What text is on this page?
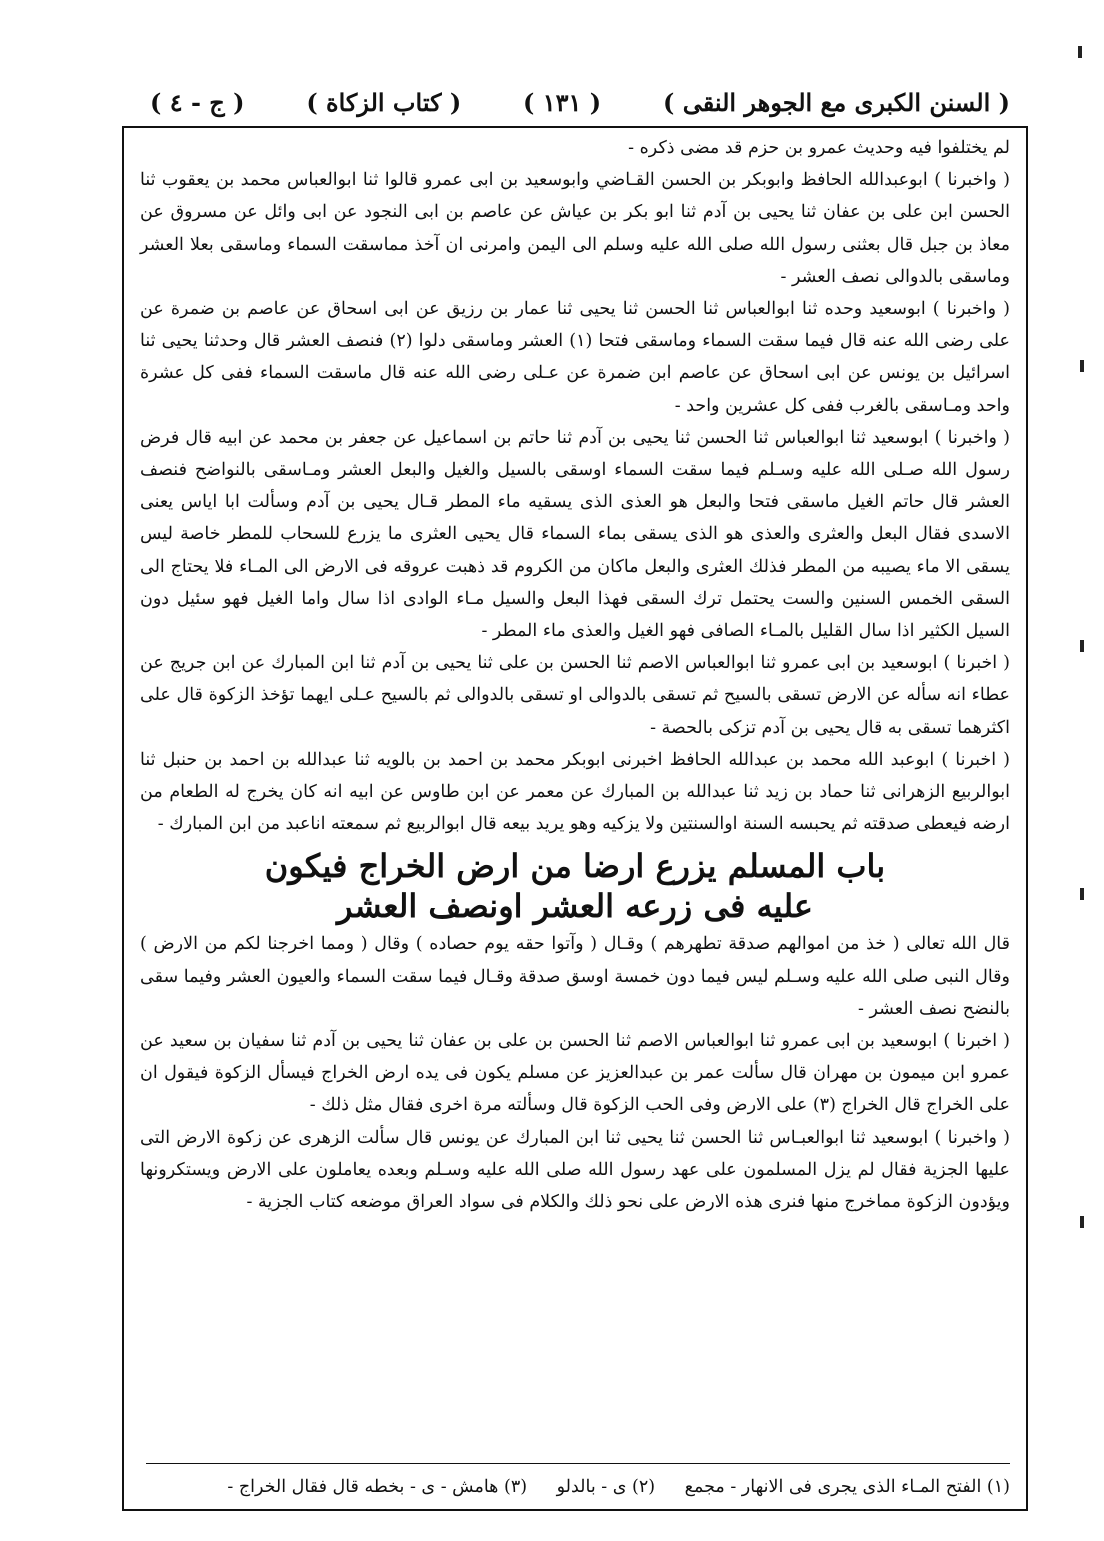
( السنن الكبرى مع الجوهر النقى )
( ١٣١ )
( كتاب الزكاة )
( ج - ٤ )

لم يختلفوا فيه وحديث عمرو بن حزم قد مضى ذكره -

( واخبرنا ) ابوعبدالله الحافظ وابوبكر بن الحسن القـاضي وابوسعيد بن ابى عمرو قالوا ثنا ابوالعباس محمد بن يعقوب ثنا الحسن ابن على بن عفان ثنا يحيى بن آدم ثنا ابو بكر بن عياش عن عاصم بن ابى النجود عن ابى وائل عن مسروق عن معاذ بن جبل قال بعثنى رسول الله صلى الله عليه وسلم الى اليمن وامرنى ان آخذ مماسقت السماء وماسقى بعلا العشر وماسقى بالدوالى نصف العشر -

( واخبرنا ) ابوسعيد وحده ثنا ابوالعباس ثنا الحسن ثنا يحيى ثنا عمار بن رزيق عن ابى اسحاق عن عاصم بن ضمرة عن على رضى الله عنه قال فيما سقت السماء وماسقى فتحا (١) العشر وماسقى دلوا (٢) فنصف العشر قال وحدثنا يحيى ثنا اسرائيل بن يونس عن ابى اسحاق عن عاصم ابن ضمرة عن عـلى رضى الله عنه قال ماسقت السماء ففى كل عشرة واحد ومـاسقى بالغرب ففى كل عشرين واحد -

( واخبرنا ) ابوسعيد ثنا ابوالعباس ثنا الحسن ثنا يحيى بن آدم ثنا حاتم بن اسماعيل عن جعفر بن محمد عن ابيه قال فرض رسول الله صـلى الله عليه وسـلم فيما سقت السماء اوسقى بالسيل والغيل والبعل العشر ومـاسقى بالنواضح فنصف العشر قال حاتم الغيل ماسقى فتحا والبعل هو العذى الذى يسقيه ماء المطر قـال يحيى بن آدم وسألت ابا اياس يعنى الاسدى فقال البعل والعثرى والعذى هو الذى يسقى بماء السماء قال يحيى العثرى ما يزرع للسحاب للمطر خاصة ليس يسقى الا ماء يصيبه من المطر فذلك العثرى والبعل ماكان من الكروم قد ذهبت عروقه فى الارض الى المـاء فلا يحتاج الى السقى الخمس السنين والست يحتمل ترك السقى فهذا البعل والسيل مـاء الوادى اذا سال واما الغيل فهو سئيل دون السيل الكثير اذا سال القليل بالمـاء الصافى فهو الغيل والعذى ماء المطر -

( اخبرنا ) ابوسعيد بن ابى عمرو ثنا ابوالعباس الاصم ثنا الحسن بن على ثنا يحيى بن آدم ثنا ابن المبارك عن ابن جريج عن عطاء انه سأله عن الارض تسقى بالسيح ثم تسقى بالدوالى او تسقى بالدوالى ثم بالسيح عـلى ايهما تؤخذ الزكوة قال على اكثرهما تسقى به قال يحيى بن آدم تزكى بالحصة -

( اخبرنا ) ابوعبد الله محمد بن عبدالله الحافظ اخبرنى ابوبكر محمد بن احمد بن بالويه ثنا عبدالله بن احمد بن حنبل ثنا ابوالربيع الزهرانى ثنا حماد بن زيد ثنا عبدالله بن المبارك عن معمر عن ابن طاوس عن ابيه انه كان يخرج له الطعام من ارضه فيعطى صدقته ثم يحبسه السنة اوالسنتين ولا يزكيه وهو يريد بيعه قال ابوالربيع ثم سمعته اناعبد من ابن المبارك -

باب المسلم يزرع ارضا من ارض الخراج فيكون
عليه فى زرعه العشر اونصف العشر

قال الله تعالى ( خذ من اموالهم صدقة تطهرهم ) وقـال ( وآتوا حقه يوم حصاده ) وقال ( ومما اخرجنا لكم من الارض ) وقال النبى صلى الله عليه وسـلم ليس فيما دون خمسة اوسق صدقة وقـال فيما سقت السماء والعيون العشر وفيما سقى بالنضح نصف العشر -

( اخبرنا ) ابوسعيد بن ابى عمرو ثنا ابوالعباس الاصم ثنا الحسن بن على بن عفان ثنا يحيى بن آدم ثنا سفيان بن سعيد عن عمرو ابن ميمون بن مهران قال سألت عمر بن عبدالعزيز عن مسلم يكون فى يده ارض الخراج فيسأل الزكوة فيقول ان على الخراج قال الخراج (٣) على الارض وفى الحب الزكوة قال وسألته مرة اخرى فقال مثل ذلك -

( واخبرنا ) ابوسعيد ثنا ابوالعبـاس ثنا الحسن ثنا يحيى ثنا ابن المبارك عن يونس قال سألت الزهرى عن زكوة الارض التى عليها الجزية فقال لم يزل المسلمون على عهد رسول الله صلى الله عليه وسـلم وبعده يعاملون على الارض ويستكرونها ويؤدون الزكوة مماخرج منها فنرى هذه الارض على نحو ذلك والكلام فى سواد العراق موضعه كتاب الجزية -

(١) الفتح المـاء الذى يجرى فى الانهار - مجمع (٢) ى - بالدلو (٣) هامش - ى - بخطه قال فقال الخراج -
